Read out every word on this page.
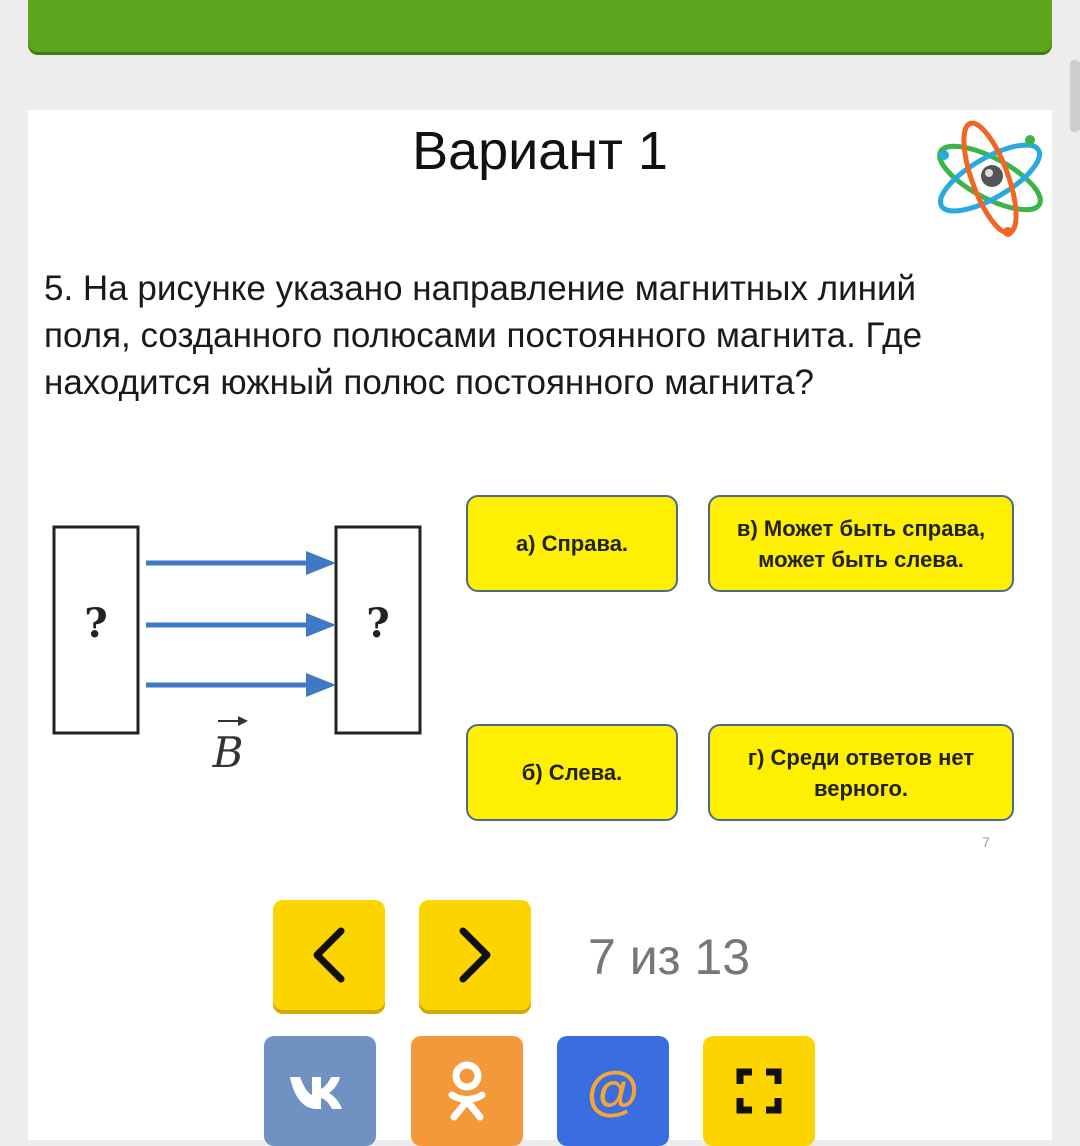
Вариант 1
5. На рисунке указано направление магнитных линий поля, созданного полюсами постоянного магнита. Где находится южный полюс постоянного магнита?
?	?
B
а) Справа.
в) Может быть справа, может быть слева.
б) Слева.
г) Среди ответов нет верного.
7
7 из 13
@
